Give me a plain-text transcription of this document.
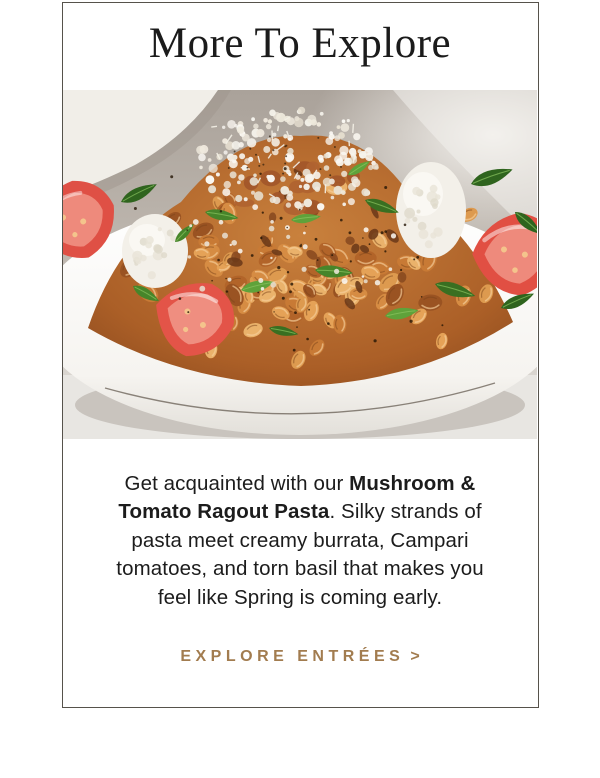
More To Explore

Get acquainted with our Mushroom &
Tomato Ragout Pasta. Silky strands of
pasta meet creamy burrata, Campari
tomatoes, and torn basil that makes you
feel like Spring is coming early.

EXPLORE ENTRÉES >
